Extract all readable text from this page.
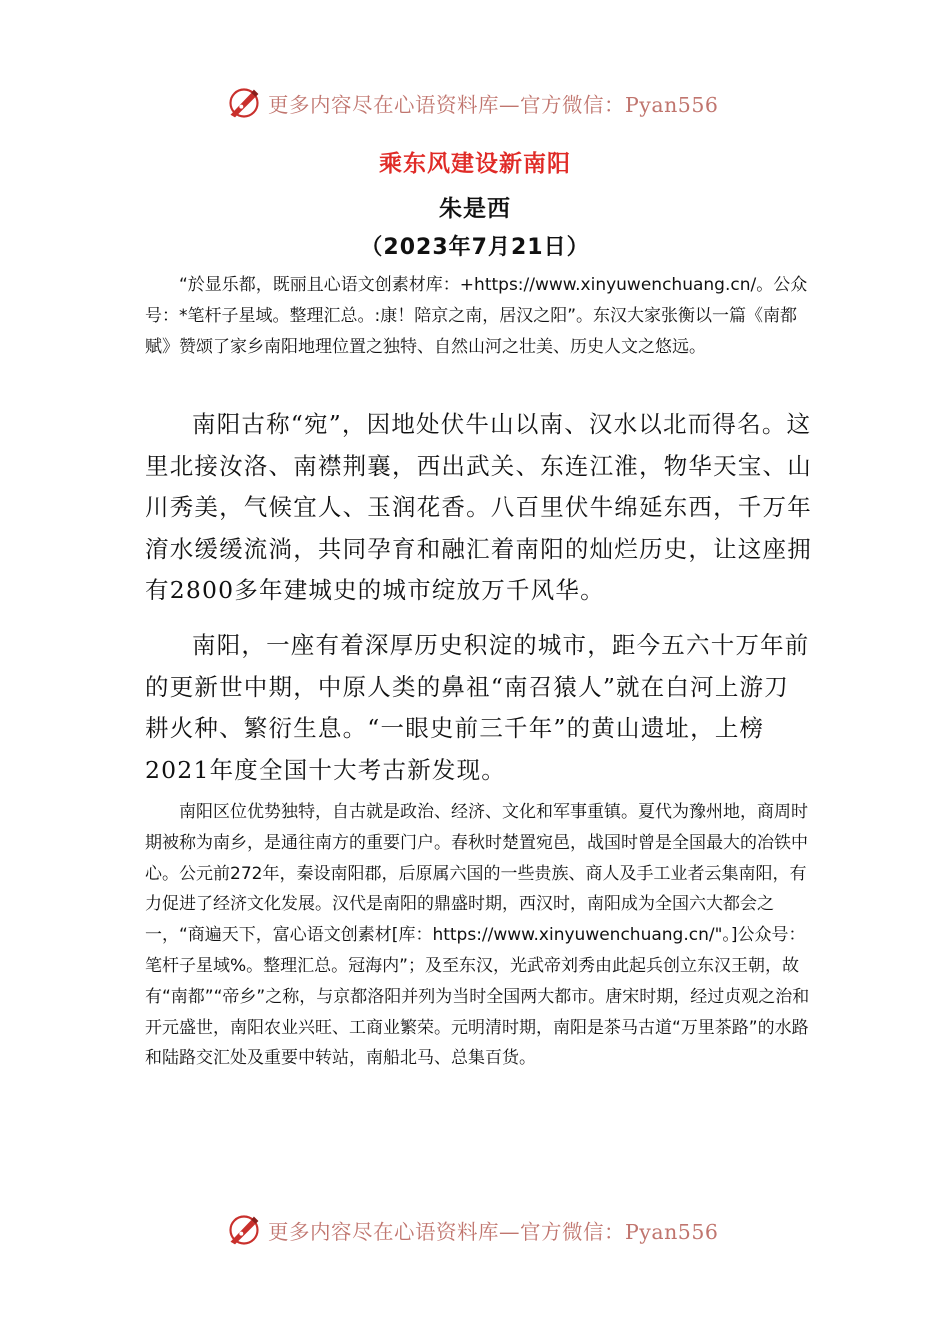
更多内容尽在心语资料库—官方微信：Pyan556
乘东风建设新南阳
朱是西
（2023年7月21日）

“於显乐都，既丽且心语文创素材库：+https://www.xinyuwenchuang.cn/。公众号：*笔杆子星域。整理汇总。:康！陪京之南，居汉之阳”。东汉大家张衡以一篇《南都赋》赞颂了家乡南阳地理位置之独特、自然山河之壮美、历史人文之悠远。

南阳古称“宛”，因地处伏牛山以南、汉水以北而得名。这里北接汝洛、南襟荆襄，西出武关、东连江淮，物华天宝、山川秀美，气候宜人、玉润花香。八百里伏牛绵延东西，千万年淯水缓缓流淌，共同孕育和融汇着南阳的灿烂历史，让这座拥有2800多年建城史的城市绽放万千风华。

南阳，一座有着深厚历史积淀的城市，距今五六十万年前的更新世中期，中原人类的鼻祖“南召猿人”就在白河上游刀耕火种、繁衍生息。“一眼史前三千年”的黄山遗址，上榜2021年度全国十大考古新发现。

南阳区位优势独特，自古就是政治、经济、文化和军事重镇。夏代为豫州地，商周时期被称为南乡，是通往南方的重要门户。春秋时楚置宛邑，战国时曾是全国最大的冶铁中心。公元前272年，秦设南阳郡，后原属六国的一些贵族、商人及手工业者云集南阳，有力促进了经济文化发展。汉代是南阳的鼎盛时期，西汉时，南阳成为全国六大都会之一，“商遍天下，富心语文创素材[库：https://www.xinyuwenchuang.cn/"。]公众号：笔杆子星域%。整理汇总。冠海内”；及至东汉，光武帝刘秀由此起兵创立东汉王朝，故有“南都”“帝乡”之称，与京都洛阳并列为当时全国两大都市。唐宋时期，经过贞观之治和开元盛世，南阳农业兴旺、工商业繁荣。元明清时期，南阳是茶马古道“万里茶路”的水路和陆路交汇处及重要中转站，南船北马、总集百货。

更多内容尽在心语资料库—官方微信：Pyan556
